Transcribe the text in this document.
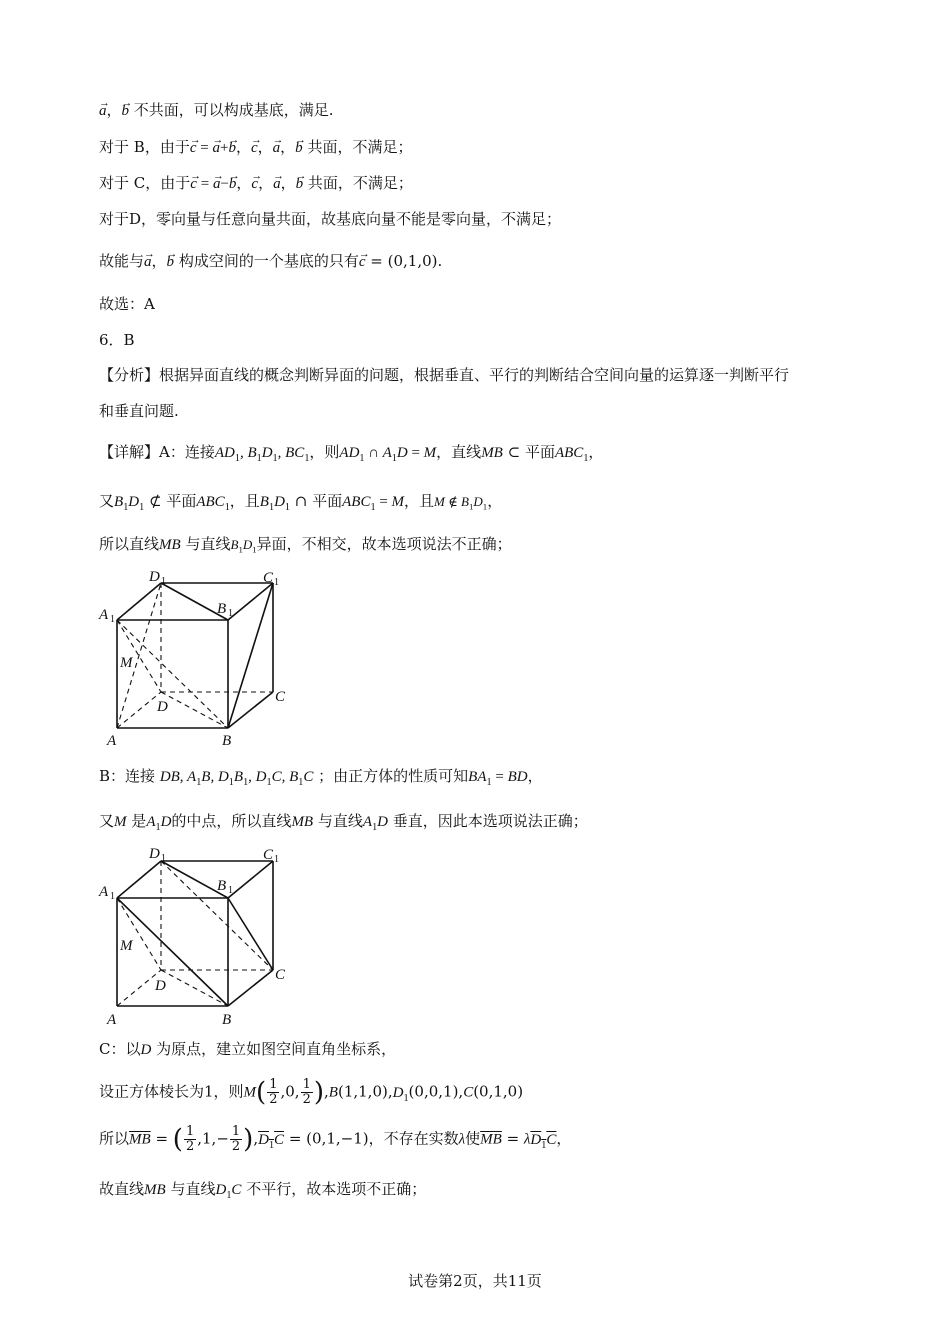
→ a，→ b 不共面，可以构成基底，满足.
对于 B，由于→ c = → a+→ b，→ c，→ a，→ b 共面，不满足；
对于 C，由于→ c = → a−→ b，→ c，→ a，→ b 共面，不满足；
对于D，零向量与任意向量共面，故基底向量不能是零向量，不满足；
故能与→ a，→ b 构成空间的一个基底的只有→ c = (0,1,0).
故选：A
6．B
【分析】根据异面直线的概念判断异面的问题，根据垂直、平行的判断结合空间向量的运算逐一判断平行
和垂直问题.
【详解】A：连接$AD_1$, $B_1D_1$, $BC_1$，则$AD_1$ ∩ $A_1D = M$，直线MB ⊂ 平面$ABC_1$，
又$B_1D_1$ ⊄ 平面$ABC_1$，且$B_1D_1$ ∩ 平面$ABC_1 = M$，且M ∉ $B_1D_1$，
所以直线MB 与直线$B_1D_1$异面，不相交，故本选项说法不正确；
A	B
C
D
M
A 1
B 1
C 1
D 1
B：连接 DB, $A_1B$, $D_1B_1$, $D_1C$, $B_1C$ ；由正方体的性质可知$BA_1$ = BD，
又M 是$A_1D$的中点，所以直线MB 与直线$A_1D$ 垂直，因此本选项说法正确；
A	B
C
D
M
A 1
B 1
C 1
D 1
C：以D 为原点，建立如图空间直角坐标系，
设正方体棱长为1，则$M( \frac{1}{2} ,0$, $\frac{1}{2} ),B(1,1,0),D_1(0,0,1),C(0,1,0)$
所以$\overline{MB}$ = ( $\frac{1}{2} ,1,- \frac{1}{2} ),D_1C = (0,1,-1)$，不存在实数λ使$\overline{MB} = \lambda D_1C$，
故直线MB 与直线$D_1C$ 不平行，故本选项不正确；
试卷第2页，共11页
